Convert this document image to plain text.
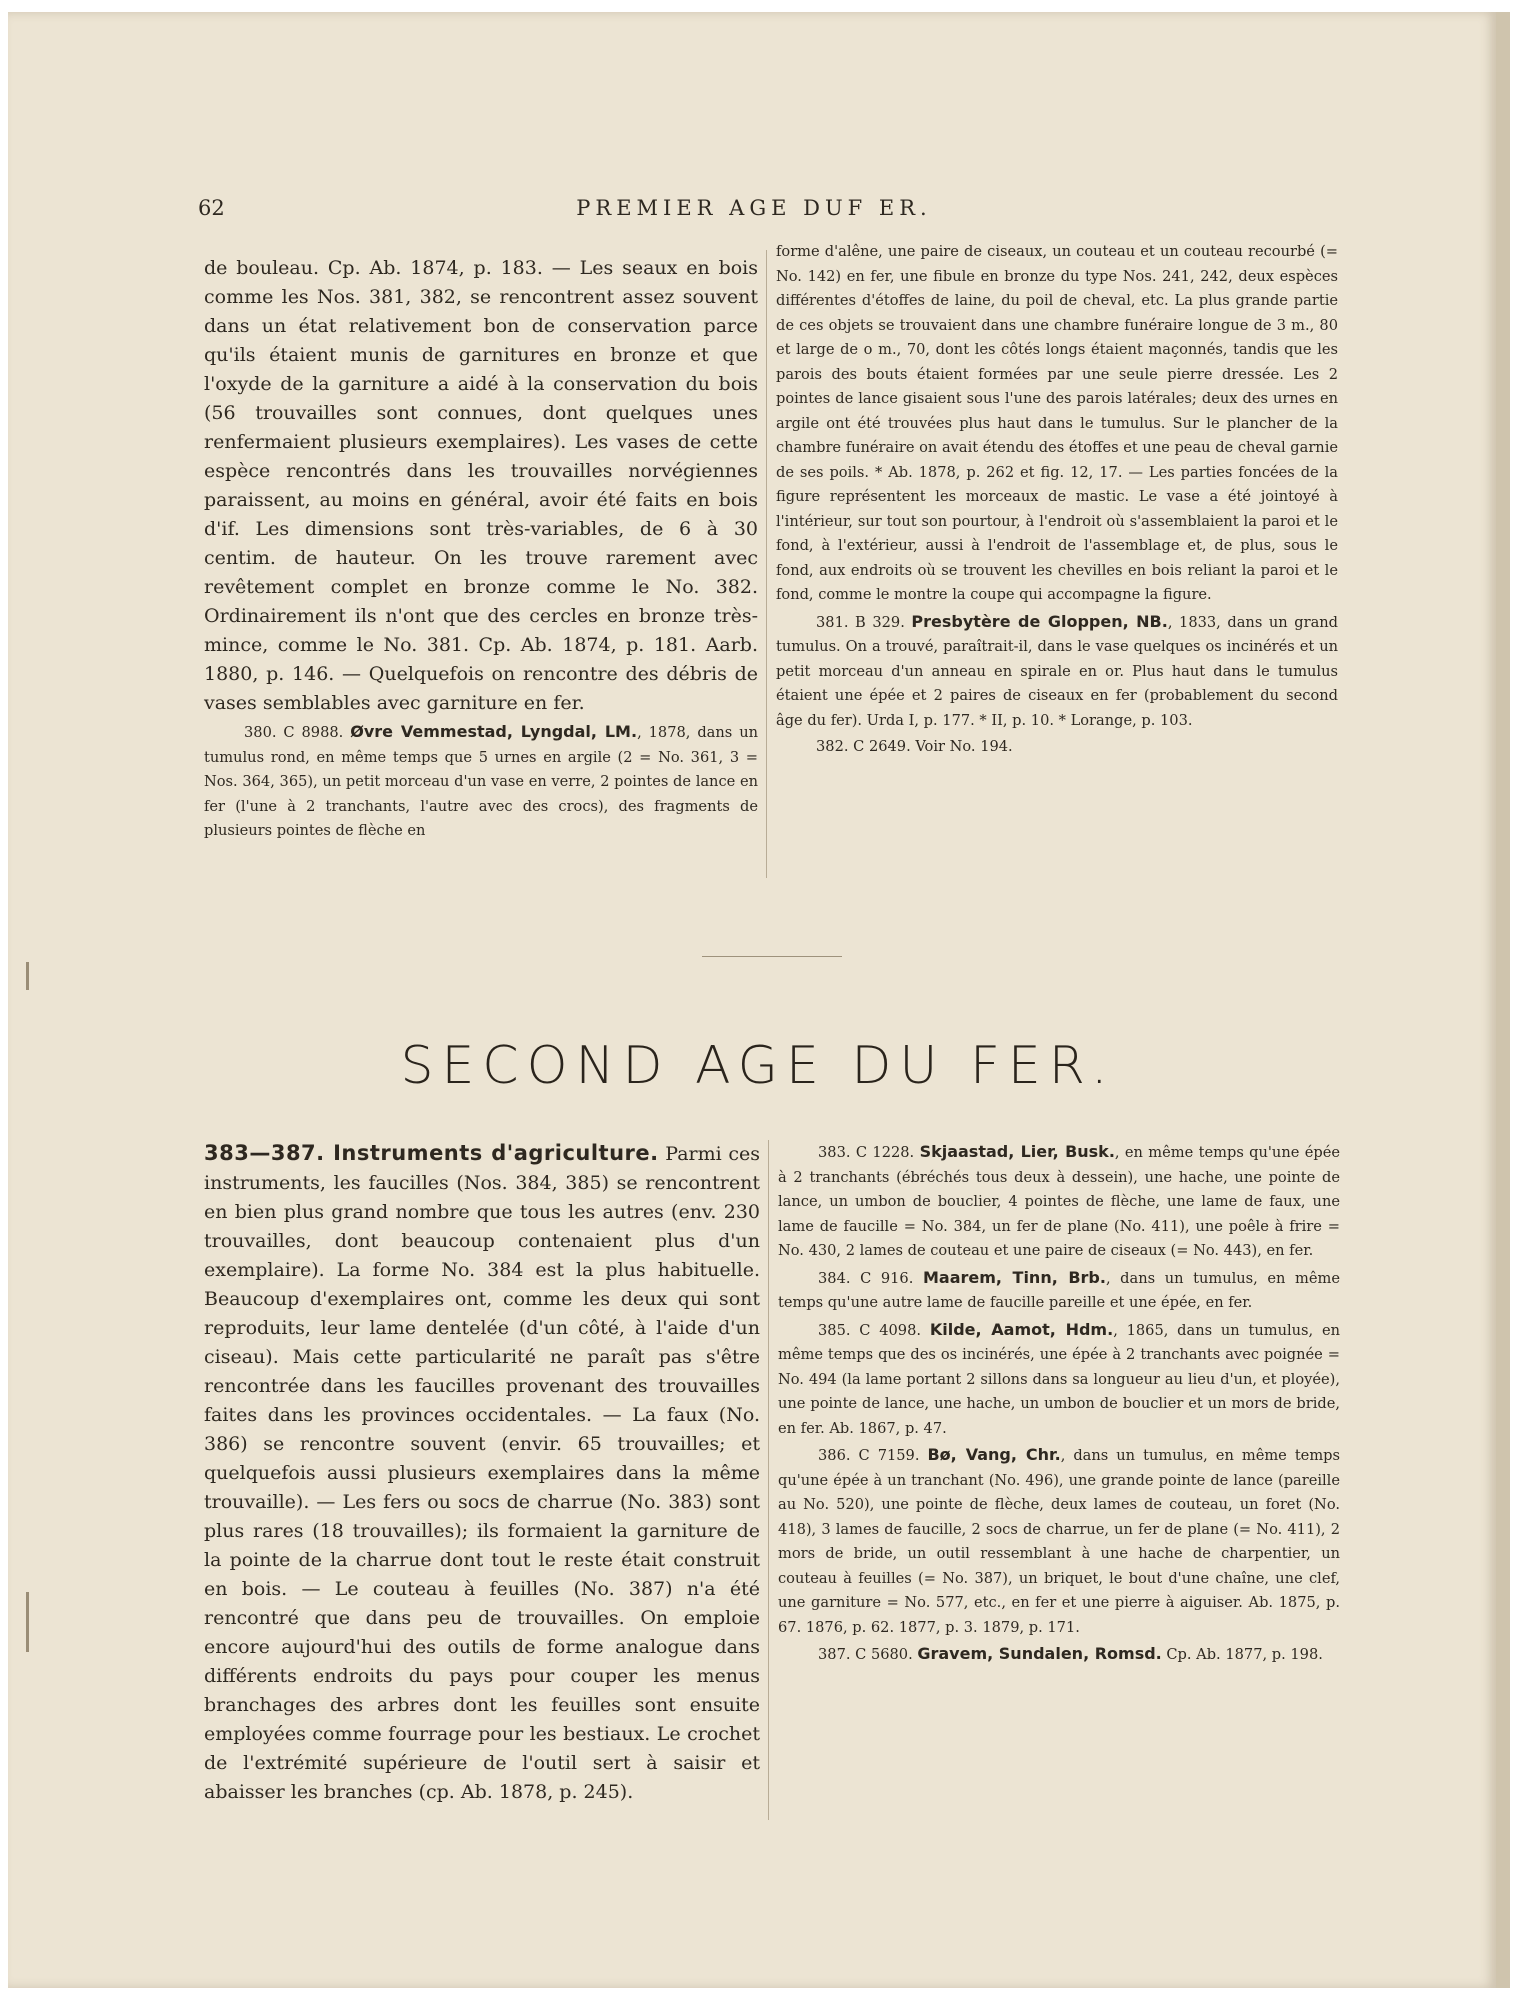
62	PREMIER AGE DUF ER.

de bouleau. Cp. Ab. 1874, p. 183. — Les seaux en bois comme les Nos. 381, 382, se rencontrent assez souvent dans un état relativement bon de conservation parce qu'ils étaient munis de garnitures en bronze et que l'oxyde de la garniture a aidé à la conservation du bois (56 trouvailles sont connues, dont quelques unes renfermaient plusieurs exemplaires). Les vases de cette espèce rencontrés dans les trouvailles norvégiennes paraissent, au moins en général, avoir été faits en bois d'if. Les dimensions sont très-variables, de 6 à 30 centim. de hauteur. On les trouve rarement avec revêtement complet en bronze comme le No. 382. Ordinairement ils n'ont que des cercles en bronze très-mince, comme le No. 381. Cp. Ab. 1874, p. 181. Aarb. 1880, p. 146. — Quelquefois on rencontre des débris de vases semblables avec garniture en fer.

380. C 8988. Øvre Vemmestad, Lyngdal, LM., 1878, dans un tumulus rond, en même temps que 5 urnes en argile (2 = No. 361, 3 = Nos. 364, 365), un petit morceau d'un vase en verre, 2 pointes de lance en fer (l'une à 2 tranchants, l'autre avec des crocs), des fragments de plusieurs pointes de flèche en

forme d'alêne, une paire de ciseaux, un couteau et un couteau recourbé (= No. 142) en fer, une fibule en bronze du type Nos. 241, 242, deux espèces différentes d'étoffes de laine, du poil de cheval, etc. La plus grande partie de ces objets se trouvaient dans une chambre funéraire longue de 3 m., 80 et large de o m., 70, dont les côtés longs étaient maçonnés, tandis que les parois des bouts étaient formées par une seule pierre dressée. Les 2 pointes de lance gisaient sous l'une des parois latérales; deux des urnes en argile ont été trouvées plus haut dans le tumulus. Sur le plancher de la chambre funéraire on avait étendu des étoffes et une peau de cheval garnie de ses poils. * Ab. 1878, p. 262 et fig. 12, 17. — Les parties foncées de la figure représentent les morceaux de mastic. Le vase a été jointoyé à l'intérieur, sur tout son pourtour, à l'endroit où s'assemblaient la paroi et le fond, à l'extérieur, aussi à l'endroit de l'assemblage et, de plus, sous le fond, aux endroits où se trouvent les chevilles en bois reliant la paroi et le fond, comme le montre la coupe qui accompagne la figure.

381. B 329. Presbytère de Gloppen, NB., 1833, dans un grand tumulus. On a trouvé, paraîtrait-il, dans le vase quelques os incinérés et un petit morceau d'un anneau en spirale en or. Plus haut dans le tumulus étaient une épée et 2 paires de ciseaux en fer (probablement du second âge du fer). Urda I, p. 177. * II, p. 10. * Lorange, p. 103.

382. C 2649. Voir No. 194.

SECOND AGE DU FER.

383—387. Instruments d'agriculture. Parmi ces instruments, les faucilles (Nos. 384, 385) se rencontrent en bien plus grand nombre que tous les autres (env. 230 trouvailles, dont beaucoup contenaient plus d'un exemplaire). La forme No. 384 est la plus habituelle. Beaucoup d'exemplaires ont, comme les deux qui sont reproduits, leur lame dentelée (d'un côté, à l'aide d'un ciseau). Mais cette particularité ne paraît pas s'être rencontrée dans les faucilles provenant des trouvailles faites dans les provinces occidentales. — La faux (No. 386) se rencontre souvent (envir. 65 trouvailles; et quelquefois aussi plusieurs exemplaires dans la même trouvaille). — Les fers ou socs de charrue (No. 383) sont plus rares (18 trouvailles); ils formaient la garniture de la pointe de la charrue dont tout le reste était construit en bois. — Le couteau à feuilles (No. 387) n'a été rencontré que dans peu de trouvailles. On emploie encore aujourd'hui des outils de forme analogue dans différents endroits du pays pour couper les menus branchages des arbres dont les feuilles sont ensuite employées comme fourrage pour les bestiaux. Le crochet de l'extrémité supérieure de l'outil sert à saisir et abaisser les branches (cp. Ab. 1878, p. 245).

383. C 1228. Skjaastad, Lier, Busk., en même temps qu'une épée à 2 tranchants (ébréchés tous deux à dessein), une hache, une pointe de lance, un umbon de bouclier, 4 pointes de flèche, une lame de faux, une lame de faucille = No. 384, un fer de plane (No. 411), une poêle à frire = No. 430, 2 lames de couteau et une paire de ciseaux (= No. 443), en fer.

384. C 916. Maarem, Tinn, Brb., dans un tumulus, en même temps qu'une autre lame de faucille pareille et une épée, en fer.

385. C 4098. Kilde, Aamot, Hdm., 1865, dans un tumulus, en même temps que des os incinérés, une épée à 2 tranchants avec poignée = No. 494 (la lame portant 2 sillons dans sa longueur au lieu d'un, et ployée), une pointe de lance, une hache, un umbon de bouclier et un mors de bride, en fer. Ab. 1867, p. 47.

386. C 7159. Bø, Vang, Chr., dans un tumulus, en même temps qu'une épée à un tranchant (No. 496), une grande pointe de lance (pareille au No. 520), une pointe de flèche, deux lames de couteau, un foret (No. 418), 3 lames de faucille, 2 socs de charrue, un fer de plane (= No. 411), 2 mors de bride, un outil ressemblant à une hache de charpentier, un couteau à feuilles (= No. 387), un briquet, le bout d'une chaîne, une clef, une garniture = No. 577, etc., en fer et une pierre à aiguiser. Ab. 1875, p. 67. 1876, p. 62. 1877, p. 3. 1879, p. 171.

387. C 5680. Gravem, Sundalen, Romsd. Cp. Ab. 1877, p. 198.
